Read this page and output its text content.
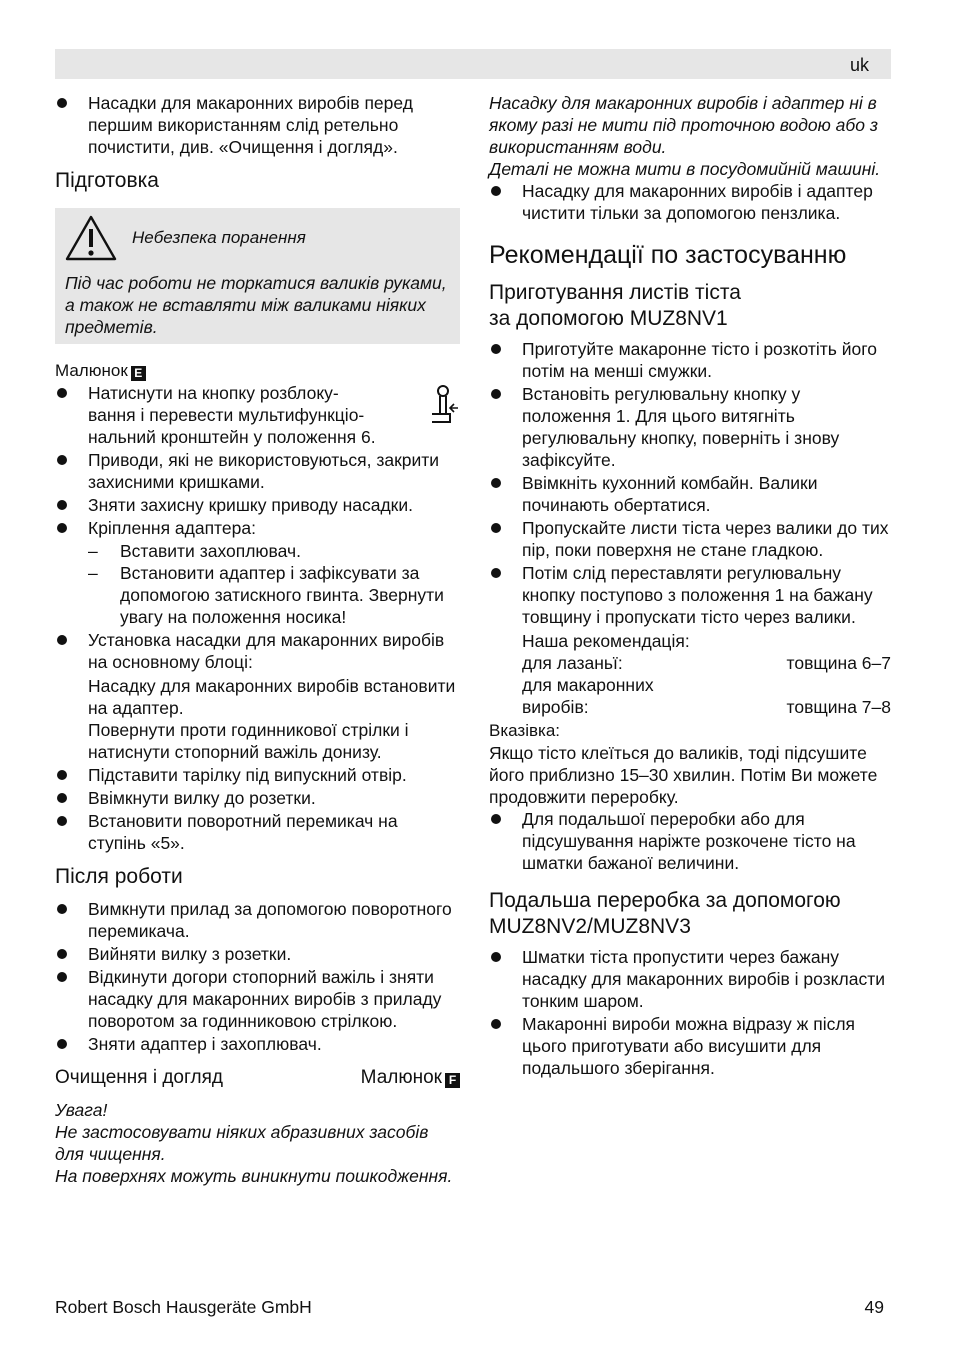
uk
Насадки для макаронних виробів перед першим використанням слід ретельно почистити, див. «Очищення і догляд».
Підготовка
Небезпека поранення
Під час роботи не торкатися валиків руками, а також не вставляти між валиками ніяких предметів.
Малюнок E
Натиснути на кнопку розблоку-
вання і перевести мультифункціо-
нальний кронштейн у положення 6.
Приводи, які не використовуються, закрити захисними кришками.
Зняти захисну кришку приводу насадки.
Кріплення адаптера:
– Вставити захоплювач.
– Встановити адаптер і зафіксувати за допомогою затискного гвинта. Звернути увагу на положення носика!
Установка насадки для макаронних виробів на основному блоці:
Насадку для макаронних виробів встановити на адаптер.
Повернути проти годинникової стрілки і натиснути стопорний важіль донизу.
Підставити тарілку під випускний отвір.
Ввімкнути вилку до розетки.
Встановити поворотний перемикач на ступінь «5».
Після роботи
Вимкнути прилад за допомогою поворотного перемикача.
Вийняти вилку з розетки.
Відкинути догори стопорний важіль і зняти насадку для макаронних виробів з приладу поворотом за годинниковою стрілкою.
Зняти адаптер і захоплювач.
Очищення і догляд	Малюнок F
Увага!
Не застосовувати ніяких абразивних засобів для чищення.
На поверхнях можуть виникнути пошкодження.
Насадку для макаронних виробів і адаптер ні в якому разі не мити під проточною водою або з використанням води.
Деталі не можна мити в посудомийній машині.
Насадку для макаронних виробів і адаптер чистити тільки за допомогою пензлика.
Рекомендації по застосуванню
Приготування листів тіста
за допомогою MUZ8NV1
Приготуйте макаронне тісто і розкотіть його потім на менші смужки.
Встановіть регулювальну кнопку у положення 1. Для цього витягніть регулювальну кнопку, поверніть і знову зафіксуйте.
Ввімкніть кухонний комбайн. Валики починають обертатися.
Пропускайте листи тіста через валики до тих пір, поки поверхня не стане гладкою.
Потім слід переставляти регулювальну кнопку поступово з положення 1 на бажану товщину і пропускати тісто через валики.
Наша рекомендація:
для лазаньї:	товщина 6–7
для макаронних
виробів:	товщина 7–8
Вказівка:
Якщо тісто клеїться до валиків, тоді підсушите його приблизно 15–30 хвилин. Потім Ви можете продовжити переробку.
Для подальшої переробки або для підсушування наріжте розкочене тісто на шматки бажаної величини.
Подальша переробка за допомогою MUZ8NV2/MUZ8NV3
Шматки тіста пропустити через бажану насадку для макаронних виробів і розкласти тонким шаром.
Макаронні вироби можна відразу ж після цього приготувати або висушити для подальшого зберігання.
Robert Bosch Hausgeräte GmbH	49
